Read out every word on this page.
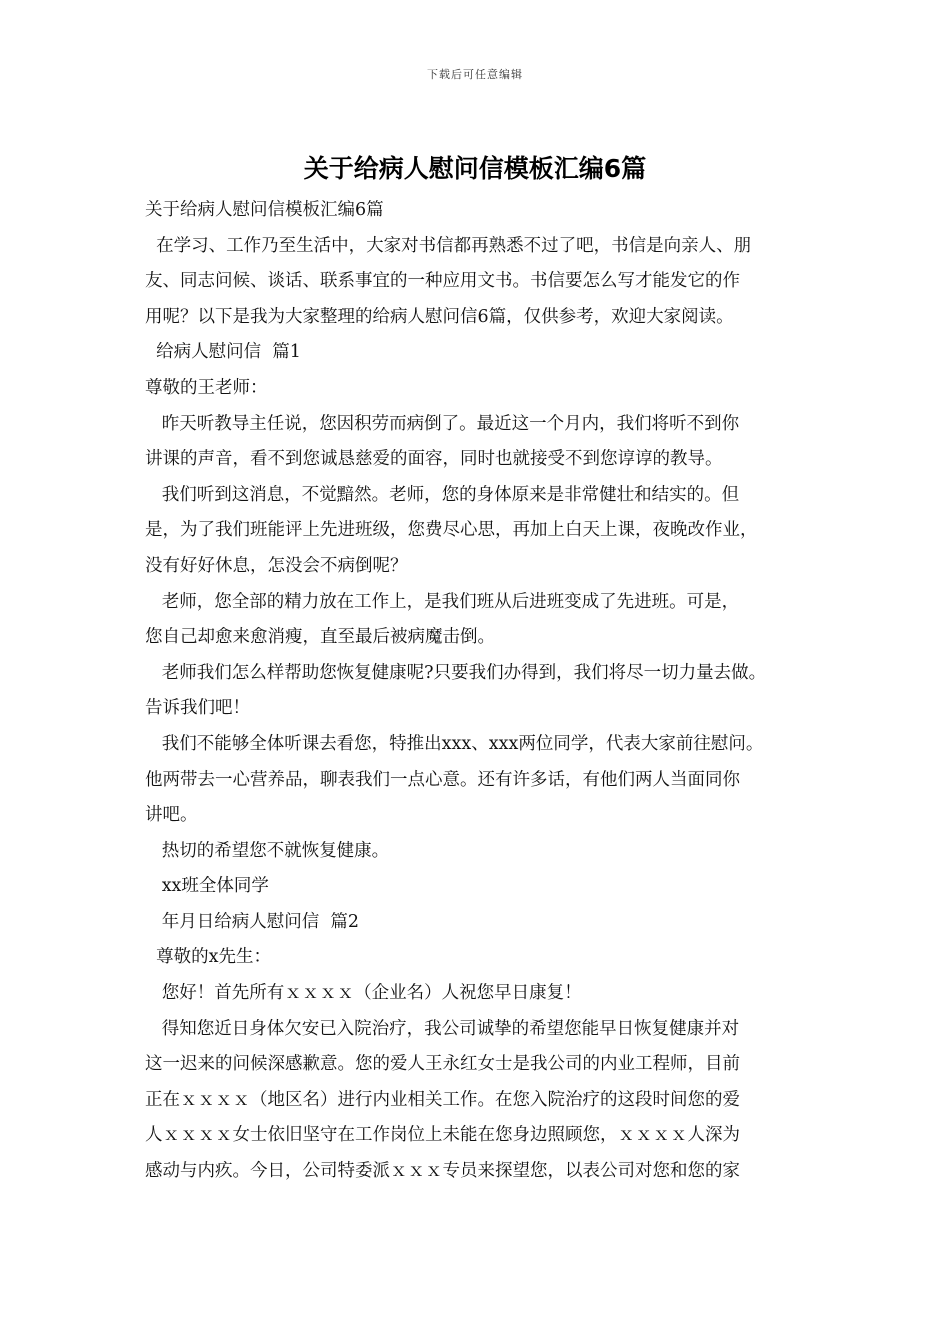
下载后可任意编辑
关于给病人慰问信模板汇编6篇
关于给病人慰问信模板汇编6篇
在学习、工作乃至生活中，大家对书信都再熟悉不过了吧，书信是向亲人、朋
友、同志问候、谈话、联系事宜的一种应用文书。书信要怎么写才能发它的作
用呢？以下是我为大家整理的给病人慰问信6篇，仅供参考，欢迎大家阅读。
给病人慰问信  篇1
尊敬的王老师：
昨天听教导主任说，您因积劳而病倒了。最近这一个月内，我们将听不到你
讲课的声音，看不到您诚恳慈爱的面容，同时也就接受不到您谆谆的教导。
我们听到这消息，不觉黯然。老师，您的身体原来是非常健壮和结实的。但
是，为了我们班能评上先进班级，您费尽心思，再加上白天上课，夜晚改作业，
没有好好休息，怎没会不病倒呢？
老师，您全部的精力放在工作上，是我们班从后进班变成了先进班。可是，
您自己却愈来愈消瘦，直至最后被病魔击倒。
老师我们怎么样帮助您恢复健康呢?只要我们办得到，我们将尽一切力量去做。
告诉我们吧！
我们不能够全体听课去看您，特推出xxx、xxx两位同学，代表大家前往慰问。
他两带去一心营养品，聊表我们一点心意。还有许多话，有他们两人当面同你
讲吧。
热切的希望您不就恢复健康。
xx班全体同学
年月日给病人慰问信  篇2
尊敬的x先生：
您好！首先所有ｘｘｘｘ（企业名）人祝您早日康复！
得知您近日身体欠安已入院治疗，我公司诚挚的希望您能早日恢复健康并对
这一迟来的问候深感歉意。您的爱人王永红女士是我公司的内业工程师，目前
正在ｘｘｘｘ（地区名）进行内业相关工作。在您入院治疗的这段时间您的爱
人ｘｘｘｘ女士依旧坚守在工作岗位上未能在您身边照顾您，ｘｘｘｘ人深为
感动与内疚。今日，公司特委派ｘｘｘ专员来探望您，以表公司对您和您的家
